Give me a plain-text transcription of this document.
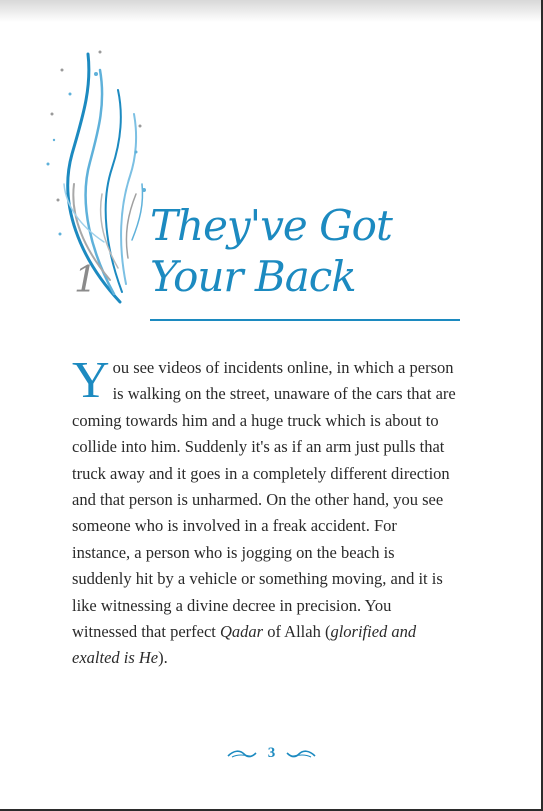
1
They've Got
Your Back

You see videos of incidents online, in which a person is walking on the street, unaware of the cars that are coming towards him and a huge truck which is about to collide into him. Suddenly it's as if an arm just pulls that truck away and it goes in a completely different direction and that person is unharmed. On the other hand, you see someone who is involved in a freak accident. For instance, a person who is jogging on the beach is suddenly hit by a vehicle or something moving, and it is like witnessing a divine decree in precision. You witnessed that perfect Qadar of Allah (glorified and exalted is He).

3
